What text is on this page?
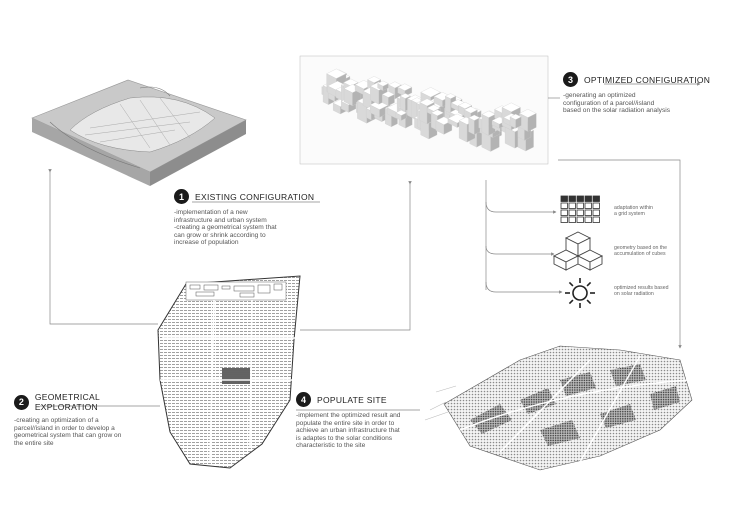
1	EXISTING CONFIGURATION
-implementation of a new
infrastructure and urban system
-creating a geometrical system that
can grow or shrink according to
increase of population
2	GEOMETRICAL EXPLORATION
-creating an optimization of a
parcel//island in order to develop a
geometrical system that can grow on
the entire site
3	OPTIMIZED CONFIGURATION
-generating an optimized
configuration of a parcel//island
based on the solar radiation analysis
4	POPULATE SITE
-implement the optimized result and
populate the entire site in order to
achieve an urban infrastructure that
is adaptes to the solar conditions
characteristic to the site
adaptation within
a grid system
geometry based on the
accumulation of cubes
optimized results based
on solar radiation
